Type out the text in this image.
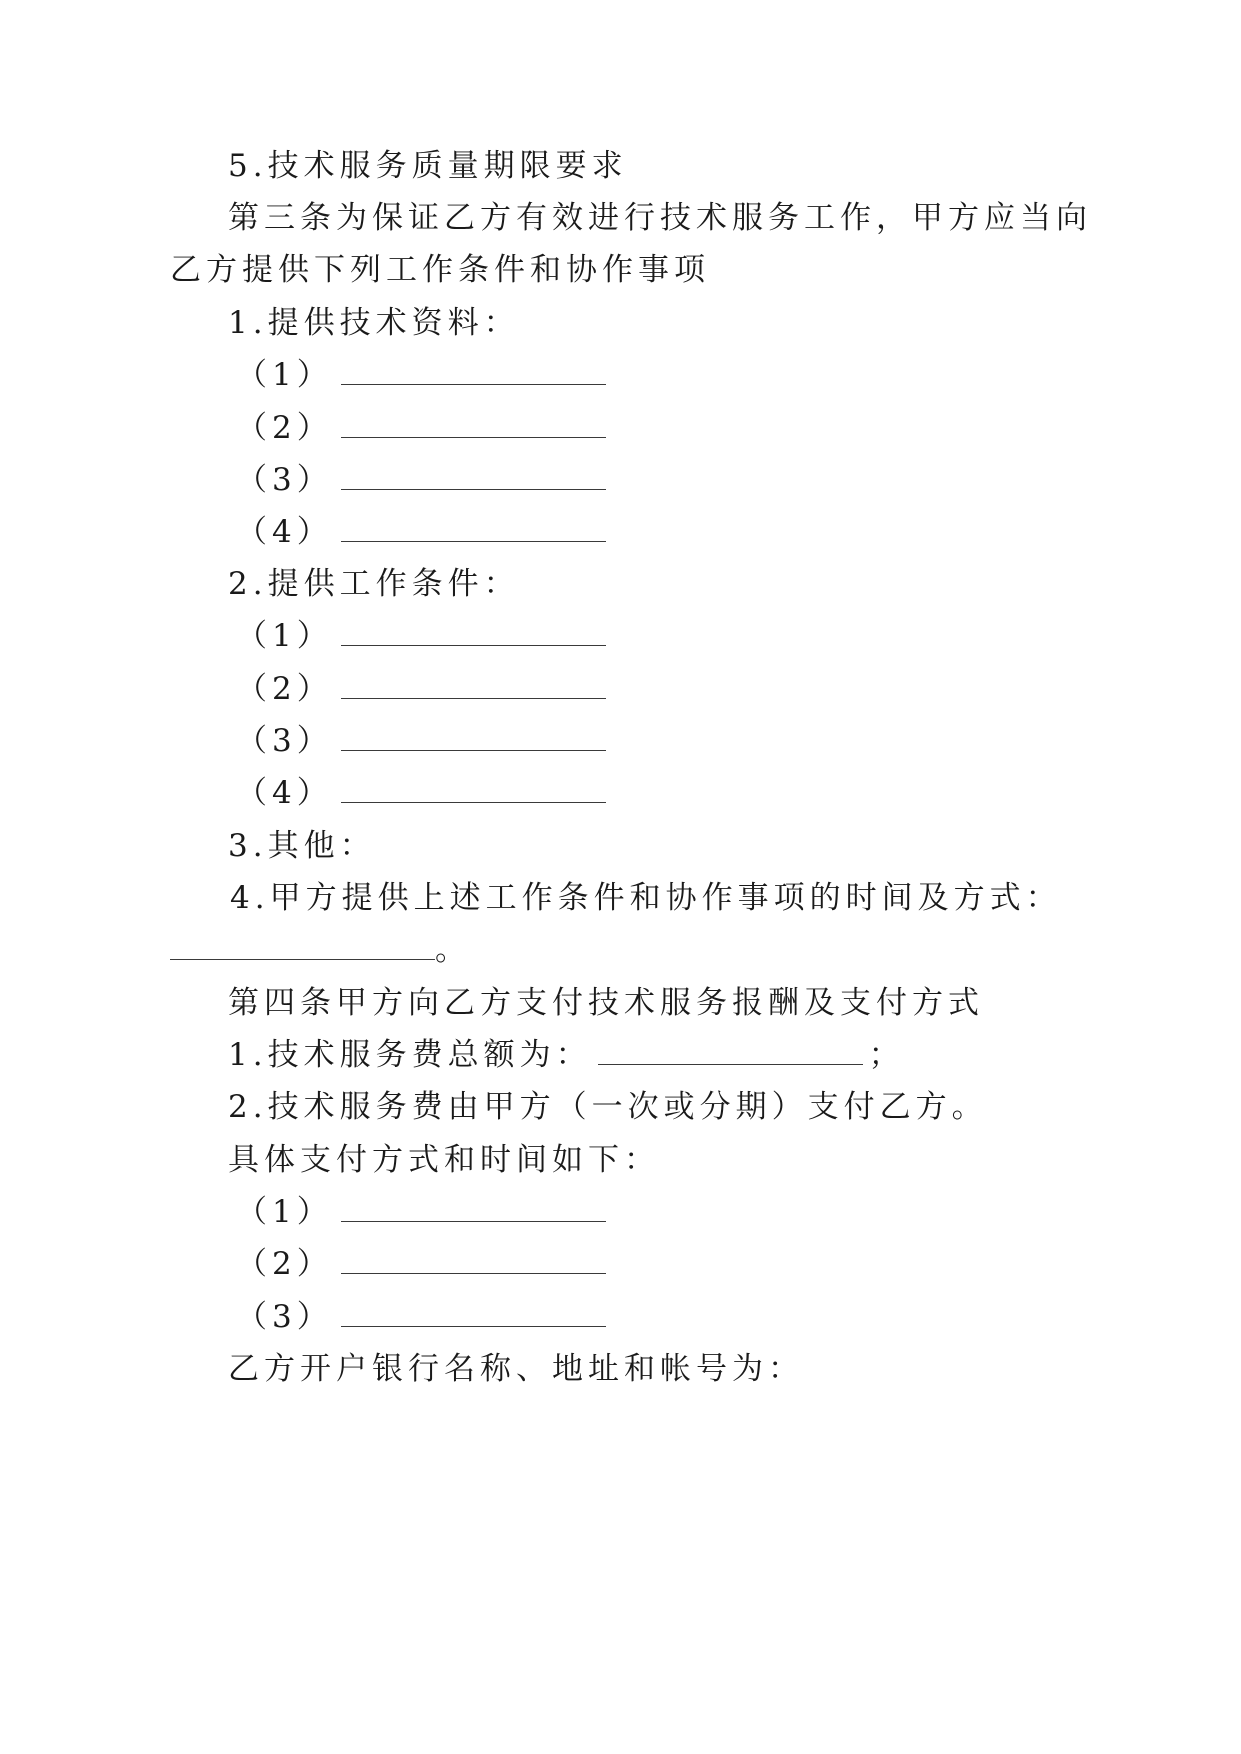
5.技术服务质量期限要求
第三条为保证乙方有效进行技术服务工作，甲方应当向
乙方提供下列工作条件和协作事项
1.提供技术资料：
（1）
（2）
（3）
（4）
2.提供工作条件：
（1）
（2）
（3）
（4）
3.其他：
4.甲方提供上述工作条件和协作事项的时间及方式：
。
第四条甲方向乙方支付技术服务报酬及支付方式
1.技术服务费总额为：	；
2.技术服务费由甲方（一次或分期）支付乙方。
具体支付方式和时间如下：
（1）
（2）
（3）
乙方开户银行名称、地址和帐号为：
